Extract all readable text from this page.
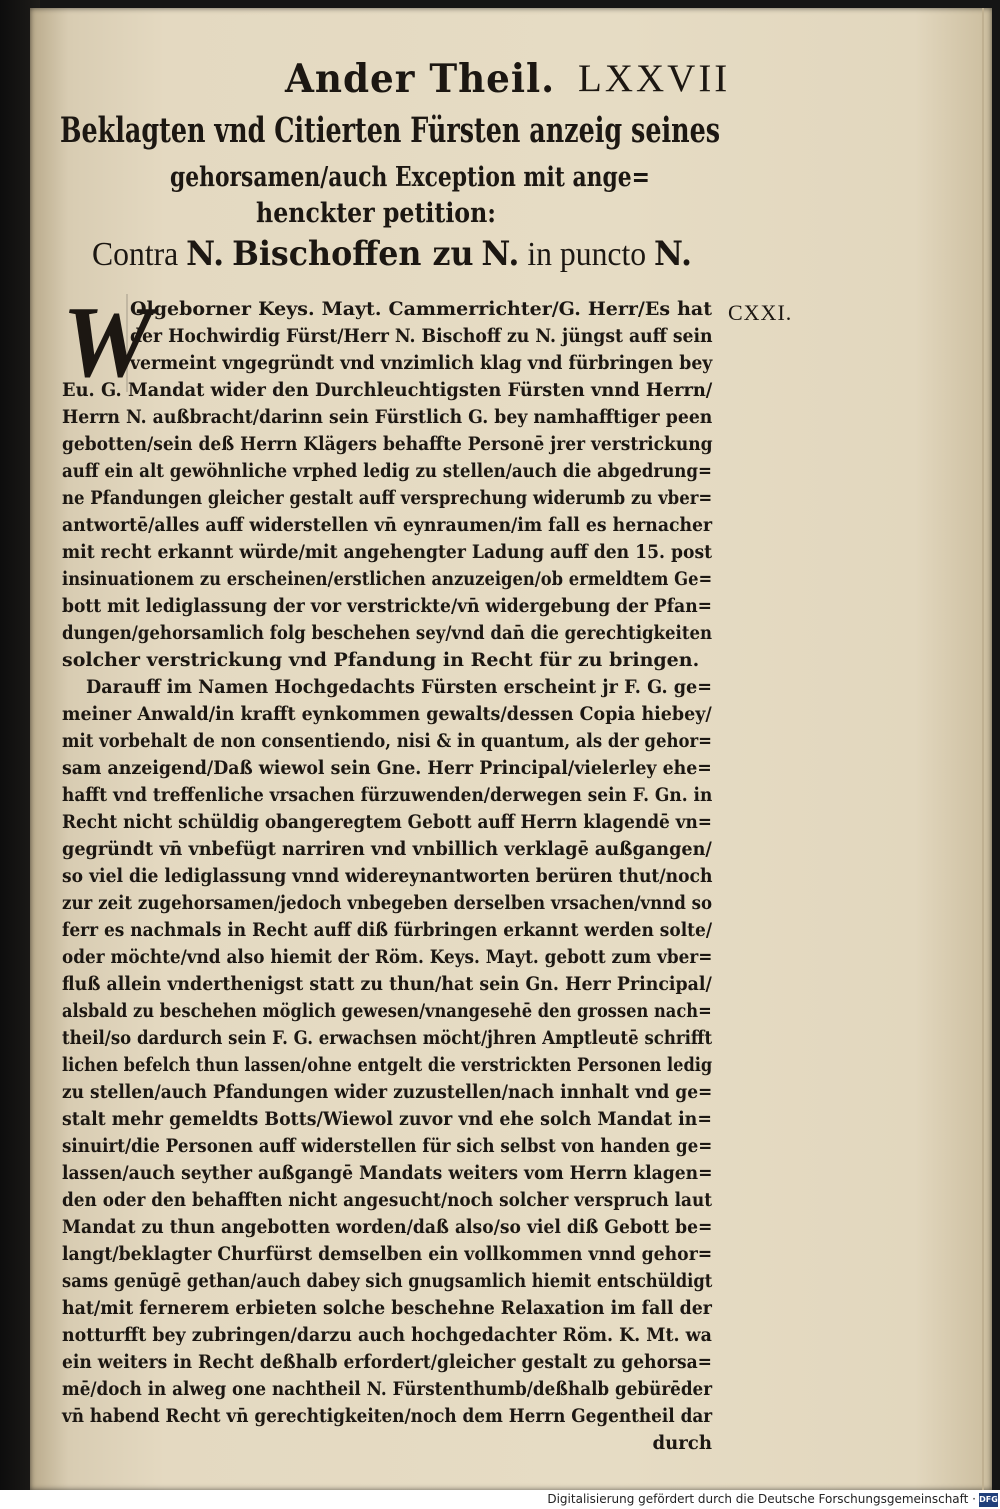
Ander Theil. LXXVII
Beklagten vnd Citierten Fürsten anzeig seines
gehorsamen/auch Exception mit ange=
henckter petition:
Contra N. Bischoffen zu N. in puncto N.
CXXI.
W
Olgeborner Keys. Mayt. Cammerrichter/G. Herr/Es hat
der Hochwirdig Fürst/Herr N. Bischoff zu N. jüngst auff sein
vermeint vngegründt vnd vnzimlich klag vnd fürbringen bey
Eu. G. Mandat wider den Durchleuchtigsten Fürsten vnnd Herrn/
Herrn N. außbracht/darinn sein Fürstlich G. bey namhafftiger peen
gebotten/sein deß Herrn Klägers behaffte Personē jrer verstrickung
auff ein alt gewöhnliche vrphed ledig zu stellen/auch die abgedrung=
ne Pfandungen gleicher gestalt auff versprechung widerumb zu vber=
antwortē/alles auff widerstellen vn̄ eynraumen/im fall es hernacher
mit recht erkannt würde/mit angehengter Ladung auff den 15. post
insinuationem zu erscheinen/erstlichen anzuzeigen/ob ermeldtem Ge=
bott mit lediglassung der vor verstrickte/vn̄ widergebung der Pfan=
dungen/gehorsamlich folg beschehen sey/vnd dan̄ die gerechtigkeiten
solcher verstrickung vnd Pfandung in Recht für zu bringen.
Darauff im Namen Hochgedachts Fürsten erscheint jr F. G. ge=
meiner Anwald/in krafft eynkommen gewalts/dessen Copia hiebey/
mit vorbehalt de non consentiendo, nisi & in quantum, als der gehor=
sam anzeigend/Daß wiewol sein Gne. Herr Principal/vielerley ehe=
hafft vnd treffenliche vrsachen fürzuwenden/derwegen sein F. Gn. in
Recht nicht schüldig obangeregtem Gebott auff Herrn klagendē vn=
gegründt vn̄ vnbefügt narriren vnd vnbillich verklagē außgangen/
so viel die lediglassung vnnd widereynantworten berüren thut/noch
zur zeit zugehorsamen/jedoch vnbegeben derselben vrsachen/vnnd so
ferr es nachmals in Recht auff diß fürbringen erkannt werden solte/
oder möchte/vnd also hiemit der Röm. Keys. Mayt. gebott zum vber=
fluß allein vnderthenigst statt zu thun/hat sein Gn. Herr Principal/
alsbald zu beschehen möglich gewesen/vnangesehē den grossen nach=
theil/so dardurch sein F. G. erwachsen möcht/jhren Amptleutē schrifft
lichen befelch thun lassen/ohne entgelt die verstrickten Personen ledig
zu stellen/auch Pfandungen wider zuzustellen/nach innhalt vnd ge=
stalt mehr gemeldts Botts/Wiewol zuvor vnd ehe solch Mandat in=
sinuirt/die Personen auff widerstellen für sich selbst von handen ge=
lassen/auch seyther außgangē Mandats weiters vom Herrn klagen=
den oder den behafften nicht angesucht/noch solcher verspruch laut
Mandat zu thun angebotten worden/daß also/so viel diß Gebott be=
langt/beklagter Churfürst demselben ein vollkommen vnnd gehor=
sams genūgē gethan/auch dabey sich gnugsamlich hiemit entschüldigt
hat/mit fernerem erbieten solche beschehne Relaxation im fall der
notturfft bey zubringen/darzu auch hochgedachter Röm. K. Mt. wa
ein weiters in Recht deßhalb erfordert/gleicher gestalt zu gehorsa=
mē/doch in alweg one nachtheil N. Fürstenthumb/deßhalb gebürēder
vn̄ habend Recht vn̄ gerechtigkeiten/noch dem Herrn Gegentheil dar
durch
Digitalisierung gefördert durch die Deutsche Forschungsgemeinschaft · DFG
